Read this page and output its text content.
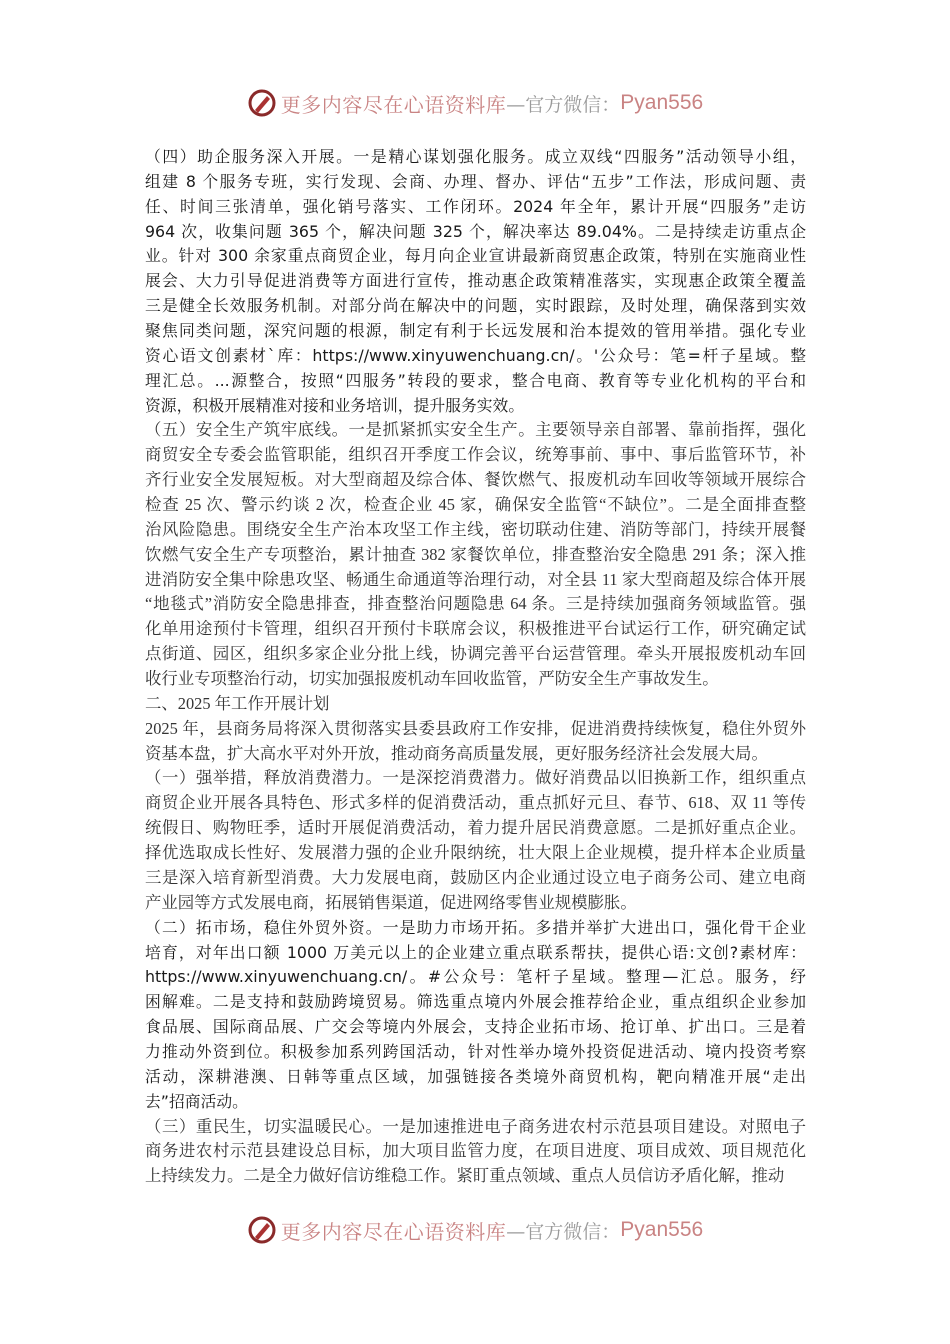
更多内容尽在心语资料库 —官方微信： Pyan556
（四）助企服务深入开展。一是精心谋划强化服务。成立双线“四服务”活动领导小组，
组建 8 个服务专班，实行发现、会商、办理、督办、评估“五步”工作法，形成问题、责
任、时间三张清单，强化销号落实、工作闭环。2024 年全年，累计开展“四服务”走访
964 次，收集问题 365 个，解决问题 325 个，解决率达 89.04%。二是持续走访重点企
业。针对 300 余家重点商贸企业，每月向企业宣讲最新商贸惠企政策，特别在实施商业性
展会、大力引导促进消费等方面进行宣传，推动惠企政策精准落实，实现惠企政策全覆盖
三是健全长效服务机制。对部分尚在解决中的问题，实时跟踪，及时处理，确保落到实效
聚焦同类问题，深究问题的根源，制定有利于长远发展和治本提效的管用举措。强化专业
资心语文创素材`库：https://www.xinyuwenchuang.cn/。'公众号：笔=杆子星域。整
理汇总。...源整合，按照“四服务”转段的要求，整合电商、教育等专业化机构的平台和
资源，积极开展精准对接和业务培训，提升服务实效。
（五）安全生产筑牢底线。一是抓紧抓实安全生产。主要领导亲自部署、靠前指挥，强化
商贸安全专委会监管职能，组织召开季度工作会议，统筹事前、事中、事后监管环节，补
齐行业安全发展短板。对大型商超及综合体、餐饮燃气、报废机动车回收等领域开展综合
检查 25 次、警示约谈 2 次，检查企业 45 家，确保安全监管“不缺位”。二是全面排查整
治风险隐患。围绕安全生产治本攻坚工作主线，密切联动住建、消防等部门，持续开展餐
饮燃气安全生产专项整治，累计抽查 382 家餐饮单位，排查整治安全隐患 291 条；深入推
进消防安全集中除患攻坚、畅通生命通道等治理行动，对全县 11 家大型商超及综合体开展
“地毯式”消防安全隐患排查，排查整治问题隐患 64 条。三是持续加强商务领域监管。强
化单用途预付卡管理，组织召开预付卡联席会议，积极推进平台试运行工作，研究确定试
点街道、园区，组织多家企业分批上线，协调完善平台运营管理。牵头开展报废机动车回
收行业专项整治行动，切实加强报废机动车回收监管，严防安全生产事故发生。
二、2025 年工作开展计划
2025 年，县商务局将深入贯彻落实县委县政府工作安排，促进消费持续恢复，稳住外贸外
资基本盘，扩大高水平对外开放，推动商务高质量发展，更好服务经济社会发展大局。
（一）强举措，释放消费潜力。一是深挖消费潜力。做好消费品以旧换新工作，组织重点
商贸企业开展各具特色、形式多样的促消费活动，重点抓好元旦、春节、618、双 11 等传
统假日、购物旺季，适时开展促消费活动，着力提升居民消费意愿。二是抓好重点企业。
择优选取成长性好、发展潜力强的企业升限纳统，壮大限上企业规模，提升样本企业质量
三是深入培育新型消费。大力发展电商，鼓励区内企业通过设立电子商务公司、建立电商
产业园等方式发展电商，拓展销售渠道，促进网络零售业规模膨胀。
（二）拓市场，稳住外贸外资。一是助力市场开拓。多措并举扩大进出口，强化骨干企业
培育，对年出口额 1000 万美元以上的企业建立重点联系帮扶，提供心语:文创?素材库：
https://www.xinyuwenchuang.cn/。#公众号：笔杆子星域。整理—汇总。服务，纾
困解难。二是支持和鼓励跨境贸易。筛选重点境内外展会推荐给企业，重点组织企业参加
食品展、国际商品展、广交会等境内外展会，支持企业拓市场、抢订单、扩出口。三是着
力推动外资到位。积极参加系列跨国活动，针对性举办境外投资促进活动、境内投资考察
活动，深耕港澳、日韩等重点区域，加强链接各类境外商贸机构，靶向精准开展“走出
去”招商活动。
（三）重民生，切实温暖民心。一是加速推进电子商务进农村示范县项目建设。对照电子
商务进农村示范县建设总目标，加大项目监管力度，在项目进度、项目成效、项目规范化
上持续发力。二是全力做好信访维稳工作。紧盯重点领域、重点人员信访矛盾化解，推动
更多内容尽在心语资料库 —官方微信： Pyan556
